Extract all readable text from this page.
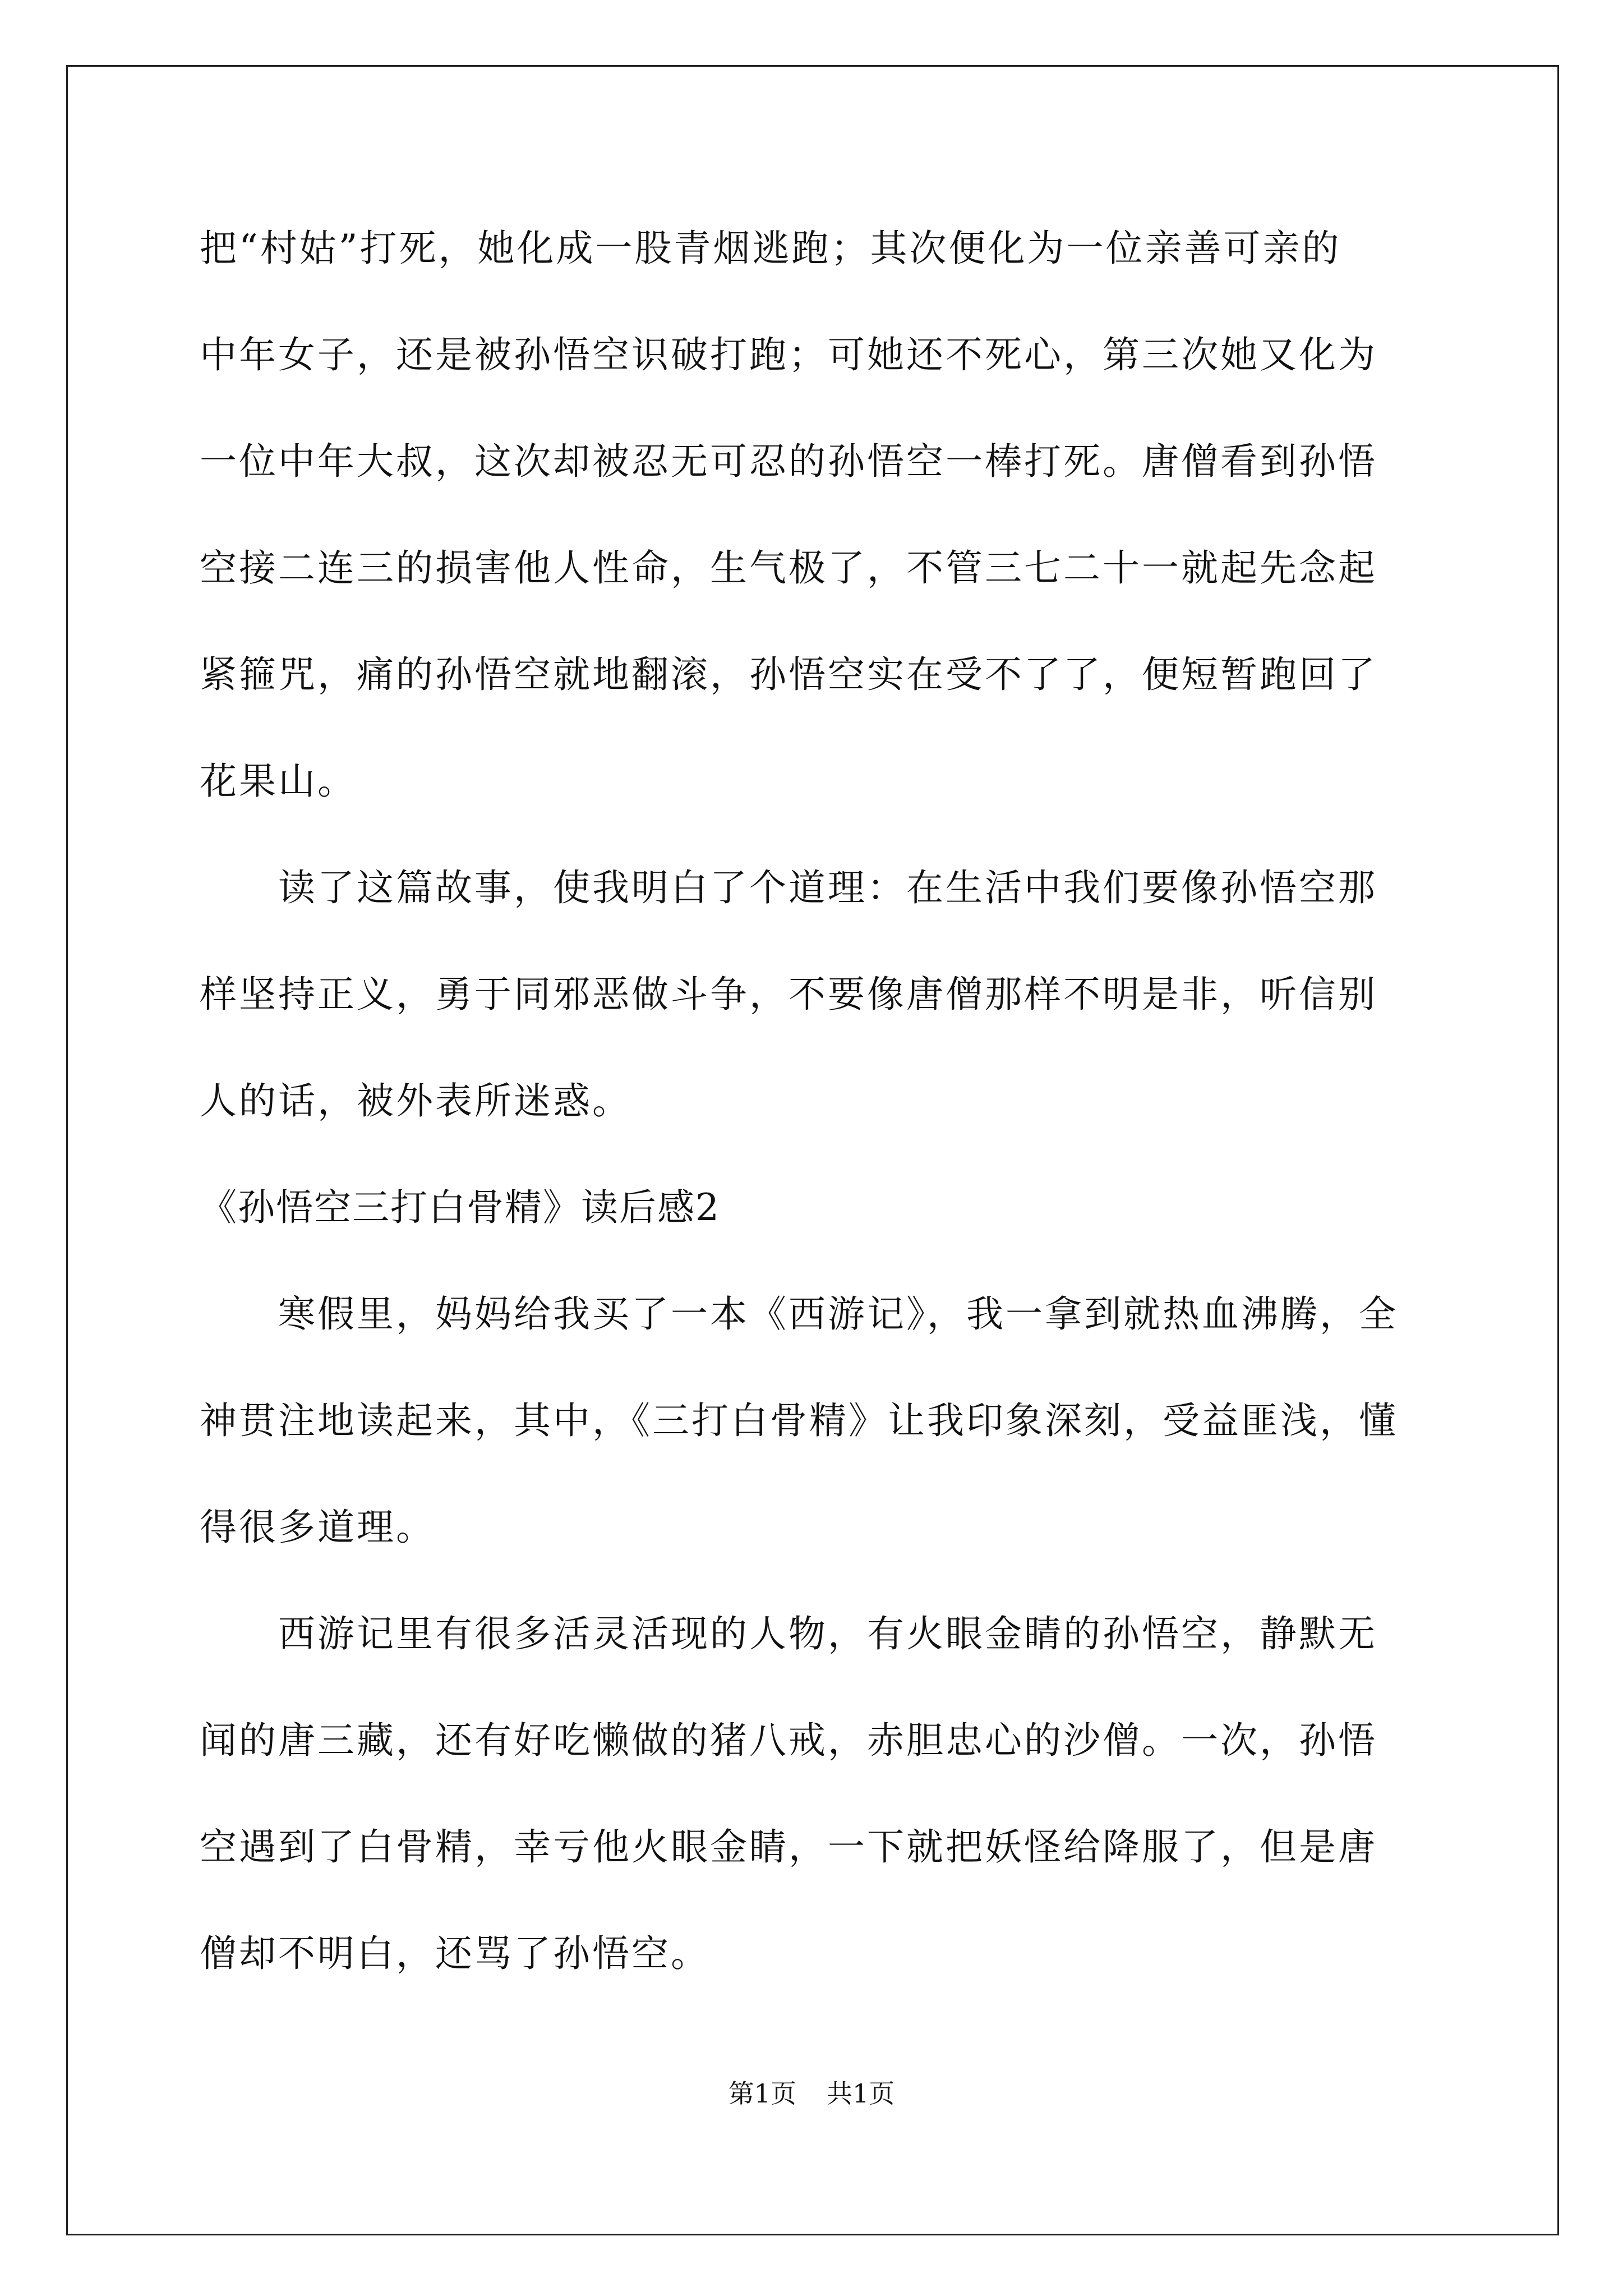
把“村姑”打死，她化成一股青烟逃跑；其次便化为一位亲善可亲的
中年女子，还是被孙悟空识破打跑；可她还不死心，第三次她又化为
一位中年大叔，这次却被忍无可忍的孙悟空一棒打死。唐僧看到孙悟
空接二连三的损害他人性命，生气极了，不管三七二十一就起先念起
紧箍咒，痛的孙悟空就地翻滚，孙悟空实在受不了了，便短暂跑回了
花果山。
　　读了这篇故事，使我明白了个道理：在生活中我们要像孙悟空那
样坚持正义，勇于同邪恶做斗争，不要像唐僧那样不明是非，听信别
人的话，被外表所迷惑。
《孙悟空三打白骨精》读后感2
　　寒假里，妈妈给我买了一本《西游记》，我一拿到就热血沸腾，全
神贯注地读起来，其中，《三打白骨精》让我印象深刻，受益匪浅，懂
得很多道理。
　　西游记里有很多活灵活现的人物，有火眼金睛的孙悟空，静默无
闻的唐三藏，还有好吃懒做的猪八戒，赤胆忠心的沙僧。一次，孙悟
空遇到了白骨精，幸亏他火眼金睛，一下就把妖怪给降服了，但是唐
僧却不明白，还骂了孙悟空。
第1页 共1页
